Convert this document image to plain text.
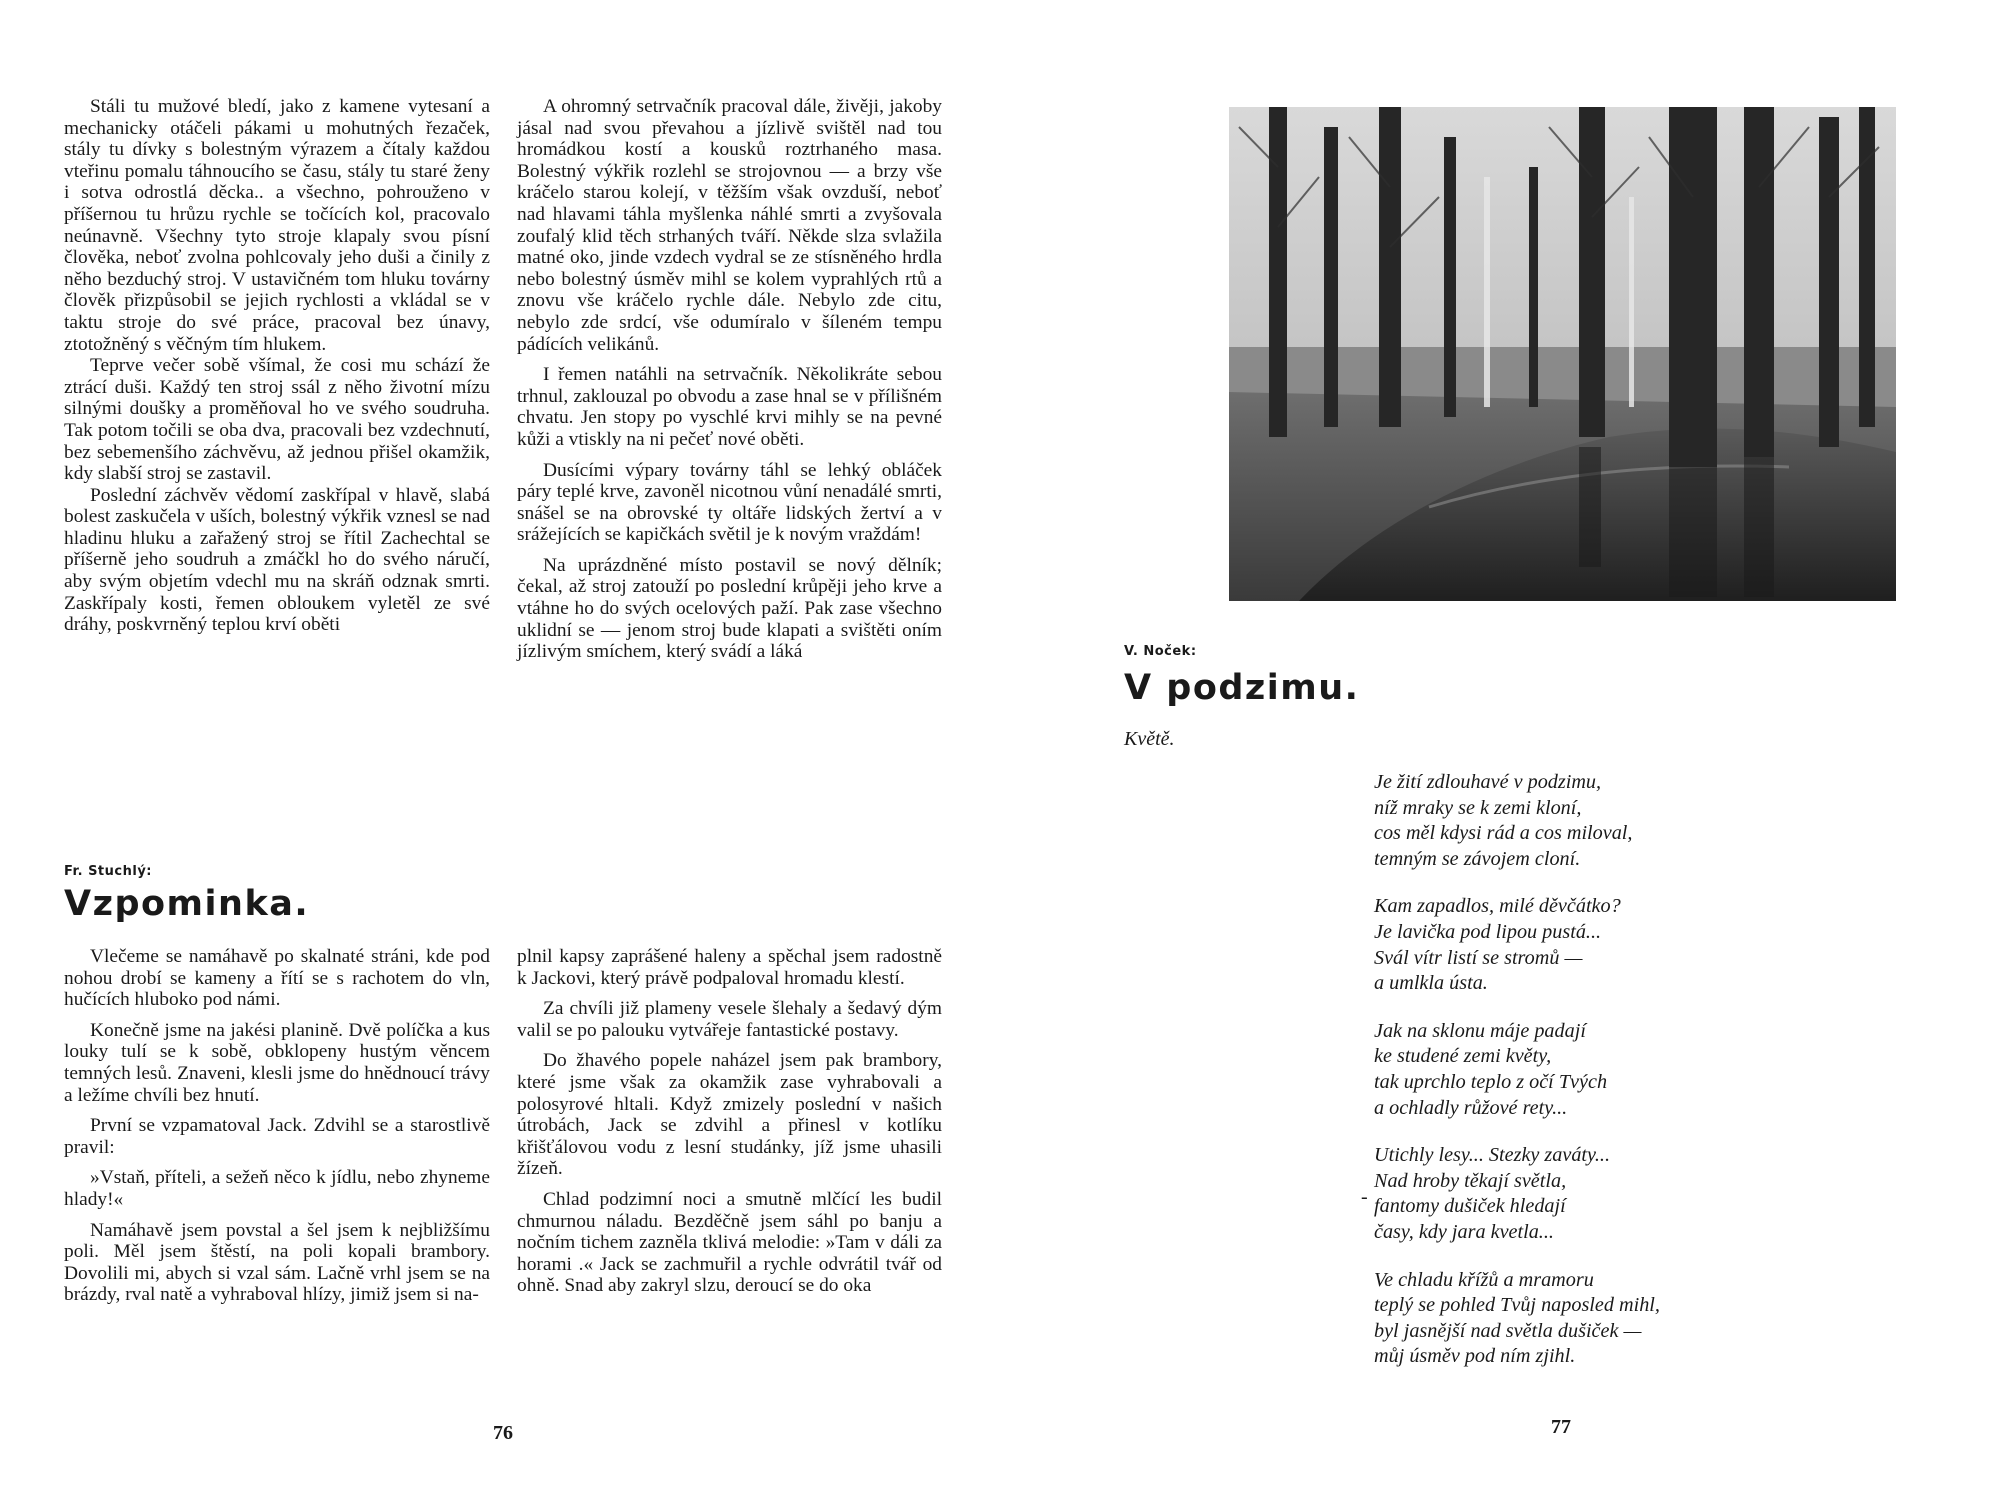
Stáli tu mužové bledí, jako z kamene vytesaní a mechanicky otáčeli pákami u mohutných řezaček, stály tu dívky s bolestným výrazem a čítaly každou vteřinu pomalu táhnoucího se času, stály tu staré ženy i sotva odrostlá děcka.. a všechno, pohrouženo v příšernou tu hrůzu rychle se točících kol, pracovalo neúnavně. Všechny tyto stroje klapaly svou písní člověka, neboť zvolna pohlcovaly jeho duši a činily z něho bezduchý stroj. V ustavičném tom hluku továrny člověk přizpůsobil se jejich rychlosti a vkládal se v taktu stroje do své práce, pracoval bez únavy, ztotožněný s věčným tím hlukem.

Teprve večer sobě všímal, že cosi mu schází že ztrácí duši. Každý ten stroj ssál z něho životní mízu silnými doušky a proměňoval ho ve svého soudruha. Tak potom točili se oba dva, pracovali bez vzdechnutí, bez sebemenšího záchvěvu, až jednou přišel okamžik, kdy slabší stroj se zastavil.

Poslední záchvěv vědomí zaskřípal v hlavě, slabá bolest zaskučela v uších, bolestný výkřik vznesl se nad hladinu hluku a zařažený stroj se řítil Zachechtal se příšerně jeho soudruh a zmáčkl ho do svého náručí, aby svým objetím vdechl mu na skráň odznak smrti. Zaskřípaly kosti, řemen obloukem vyletěl ze své dráhy, poskvrněný teplou krví oběti

A ohromný setrvačník pracoval dále, živěji, jakoby jásal nad svou převahou a jízlivě svištěl nad tou hromádkou kostí a kousků roztrhaného masa. Bolestný výkřik rozlehl se strojovnou — a brzy vše kráčelo starou kolejí, v těžším však ovzduší, neboť nad hlavami táhla myšlenka náhlé smrti a zvyšovala zoufalý klid těch strhaných tváří. Někde slza svlažila matné oko, jinde vzdech vydral se ze stísněného hrdla nebo bolestný úsměv mihl se kolem vyprahlých rtů a znovu vše kráčelo rychle dále. Nebylo zde citu, nebylo zde srdcí, vše odumíralo v šíleném tempu pádících velikánů.

I řemen natáhli na setrvačník. Několikráte sebou trhnul, zaklouzal po obvodu a zase hnal se v přílišném chvatu. Jen stopy po vyschlé krvi mihly se na pevné kůži a vtiskly na ni pečeť nové oběti.

Dusícími výpary továrny táhl se lehký obláček páry teplé krve, zavoněl nicotnou vůní nenadálé smrti, snášel se na obrovské ty oltáře lidských žertví a v srážejících se kapičkách světil je k novým vraždám!

Na uprázdněné místo postavil se nový dělník; čekal, až stroj zatouží po poslední krůpěji jeho krve a vtáhne ho do svých ocelových paží. Pak zase všechno uklidní se — jenom stroj bude klapati a svištěti oním jízlivým smíchem, který svádí a láká

Fr. Stuchlý:
Vzpominka.

Vlečeme se namáhavě po skalnaté stráni, kde pod nohou drobí se kameny a řítí se s rachotem do vln, hučících hluboko pod námi.

Konečně jsme na jakési planině. Dvě políčka a kus louky tulí se k sobě, obklopeny hustým věncem temných lesů. Znaveni, klesli jsme do hnědnoucí trávy a ležíme chvíli bez hnutí.

První se vzpamatoval Jack. Zdvihl se a starostlivě pravil:

»Vstaň, příteli, a sežeň něco k jídlu, nebo zhyneme hlady!«

Namáhavě jsem povstal a šel jsem k nejbližšímu poli. Měl jsem štěstí, na poli kopali brambory. Dovolili mi, abych si vzal sám. Lačně vrhl jsem se na brázdy, rval natě a vyhraboval hlízy, jimiž jsem si na-

plnil kapsy zaprášené haleny a spěchal jsem radostně k Jackovi, který právě podpaloval hromadu klestí.

Za chvíli již plameny vesele šlehaly a šedavý dým valil se po palouku vytvářeje fantastické postavy.

Do žhavého popele naházel jsem pak brambory, které jsme však za okamžik zase vyhrabovali a polosyrové hltali. Když zmizely poslední v našich útrobách, Jack se zdvihl a přinesl v kotlíku křišťálovou vodu z lesní studánky, jíž jsme uhasili žízeň.

Chlad podzimní noci a smutně mlčící les budil chmurnou náladu. Bezděčně jsem sáhl po banju a nočním tichem zazněla tklivá melodie: »Tam v dáli za horami .« Jack se zachmuřil a rychle odvrátil tvář od ohně. Snad aby zakryl slzu, deroucí se do oka

76
V. Noček:
V podzimu.
Květě.
Je žití zdlouhavé v podzimu,
níž mraky se k zemi kloní,
cos měl kdysi rád a cos miloval,
temným se závojem cloní.
Kam zapadlos, milé děvčátko?
Je lavička pod lipou pustá...
Svál vítr listí se stromů —
a umlkla ústa.
Jak na sklonu máje padají
ke studené zemi květy,
tak uprchlo teplo z očí Tvých
a ochladly růžové rety...
Utichly lesy... Stezky zaváty...
Nad hroby těkají světla,
fantomy dušiček hledají
časy, kdy jara kvetla...
Ve chladu křížů a mramoru
teplý se pohled Tvůj naposled mihl,
byl jasnější nad světla dušiček —
můj úsměv pod ním zjihl.
-
77
